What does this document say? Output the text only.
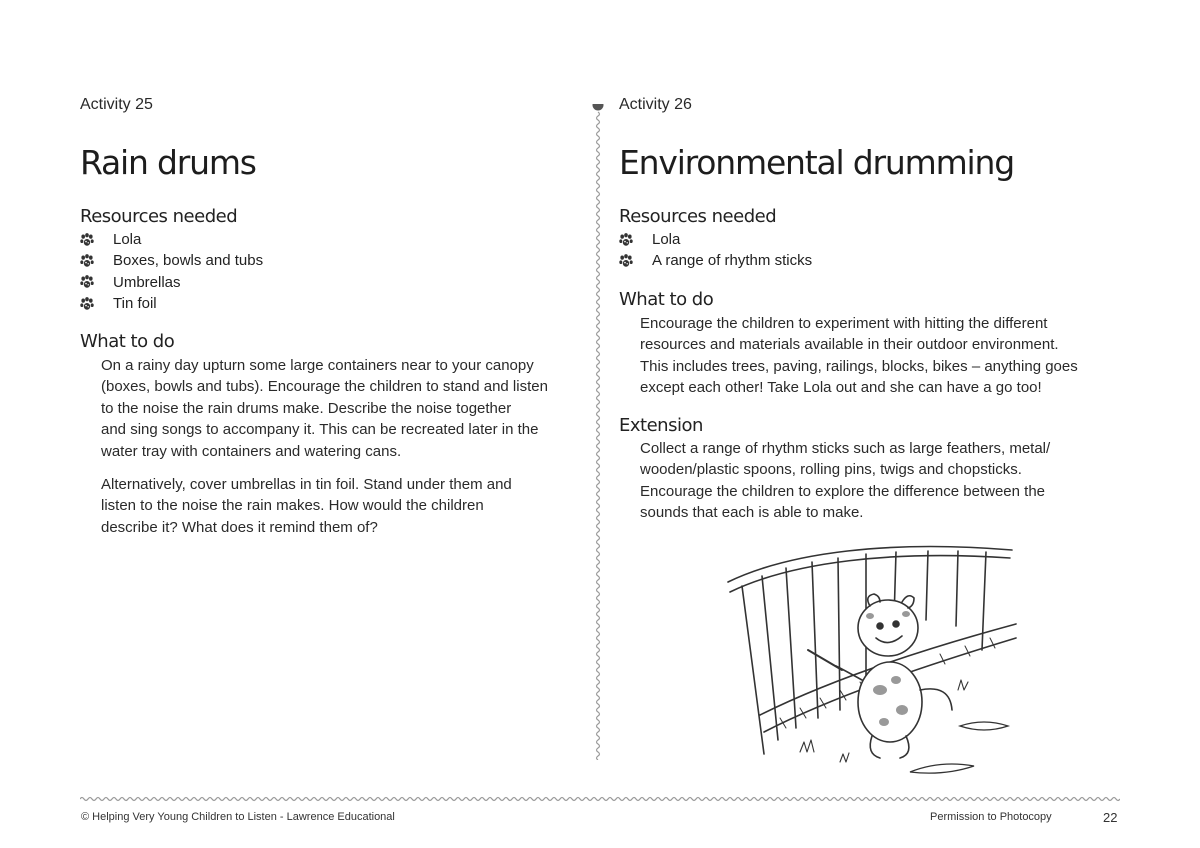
Activity 25
Rain drums
Resources needed
Lola
Boxes, bowls and tubs
Umbrellas
Tin foil
What to do

On a rainy day upturn some large containers near to your canopy
(boxes, bowls and tubs). Encourage the children to stand and listen
to the noise the rain drums make. Describe the noise together
and sing songs to accompany it. This can be recreated later in the
water tray with containers and watering cans.

Alternatively, cover umbrellas in tin foil. Stand under them and
listen to the noise the rain makes. How would the children
describe it? What does it remind them of?

Activity 26
Environmental drumming
Resources needed
Lola
A range of rhythm sticks
What to do

Encourage the children to experiment with hitting the different
resources and materials available in their outdoor environment.
This includes trees, paving, railings, blocks, bikes – anything goes
except each other! Take Lola out and she can have a go too!

Extension

Collect a range of rhythm sticks such as large feathers, metal/
wooden/plastic spoons, rolling pins, twigs and chopsticks.
Encourage the children to explore the difference between the
sounds that each is able to make.

© Helping Very Young Children to Listen - Lawrence Educational	Permission to Photocopy	22
